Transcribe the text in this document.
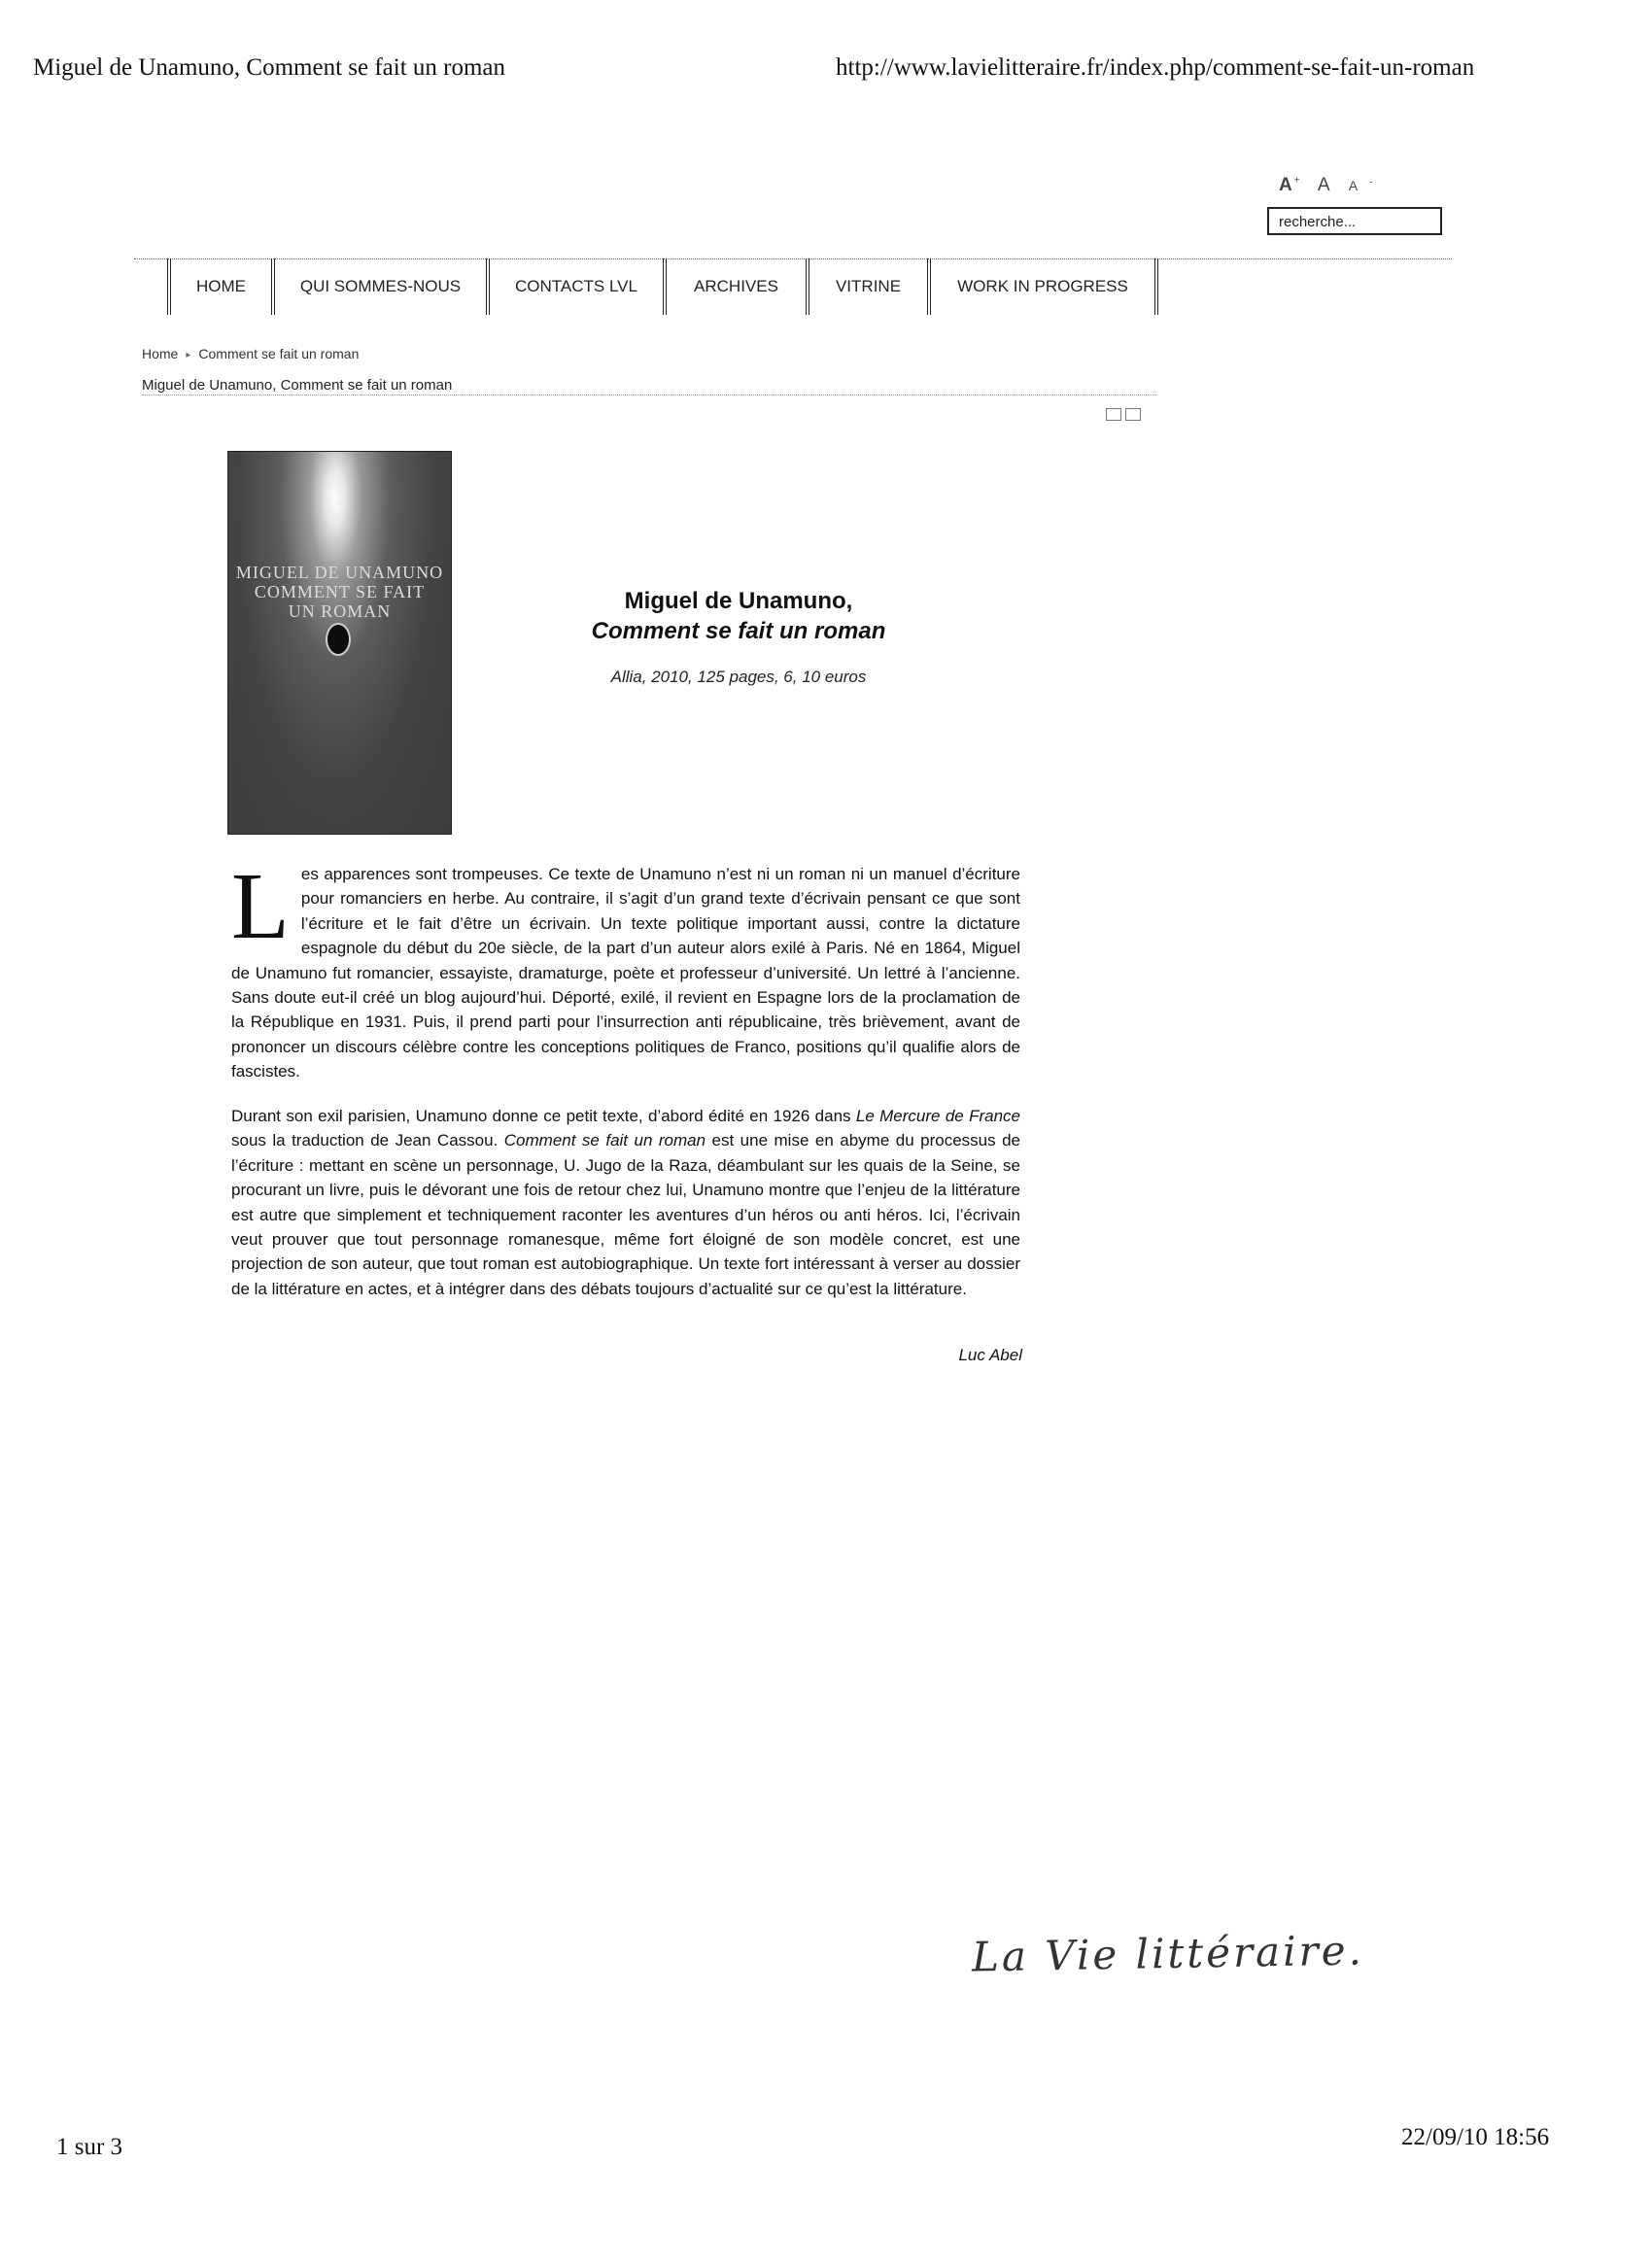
Miguel de Unamuno, Comment se fait un roman	http://www.lavielitteraire.fr/index.php/comment-se-fait-un-roman
A+ A A -
recherche...
HOME	QUI SOMMES-NOUS	CONTACTS LVL	ARCHIVES	VITRINE	WORK IN PROGRESS
Home ▸ Comment se fait un roman
Miguel de Unamuno, Comment se fait un roman
MIGUEL DE UNAMUNO
COMMENT SE FAIT
UN ROMAN	Miguel de Unamuno,
Comment se fait un roman
Allia, 2010, 125 pages, 6, 10 euros
Les apparences sont trompeuses. Ce texte de Unamuno n’est ni un roman ni un manuel d’écriture pour romanciers en herbe. Au contraire, il s’agit d’un grand texte d’écrivain pensant ce que sont l’écriture et le fait d’être un écrivain. Un texte politique important aussi, contre la dictature espagnole du début du 20e siècle, de la part d’un auteur alors exilé à Paris. Né en 1864, Miguel de Unamuno fut romancier, essayiste, dramaturge, poète et professeur d’université. Un lettré à l’ancienne. Sans doute eut-il créé un blog aujourd’hui. Déporté, exilé, il revient en Espagne lors de la proclamation de la République en 1931. Puis, il prend parti pour l’insurrection anti républicaine, très brièvement, avant de prononcer un discours célèbre contre les conceptions politiques de Franco, positions qu’il qualifie alors de fascistes.
Durant son exil parisien, Unamuno donne ce petit texte, d’abord édité en 1926 dans Le Mercure de France sous la traduction de Jean Cassou. Comment se fait un roman est une mise en abyme du processus de l’écriture : mettant en scène un personnage, U. Jugo de la Raza, déambulant sur les quais de la Seine, se procurant un livre, puis le dévorant une fois de retour chez lui, Unamuno montre que l’enjeu de la littérature est autre que simplement et techniquement raconter les aventures d’un héros ou anti héros. Ici, l’écrivain veut prouver que tout personnage romanesque, même fort éloigné de son modèle concret, est une projection de son auteur, que tout roman est autobiographique. Un texte fort intéressant à verser au dossier de la littérature en actes, et à intégrer dans des débats toujours d’actualité sur ce qu’est la littérature.
Luc Abel
La Vie littéraire.
1 sur 3	22/09/10 18:56
